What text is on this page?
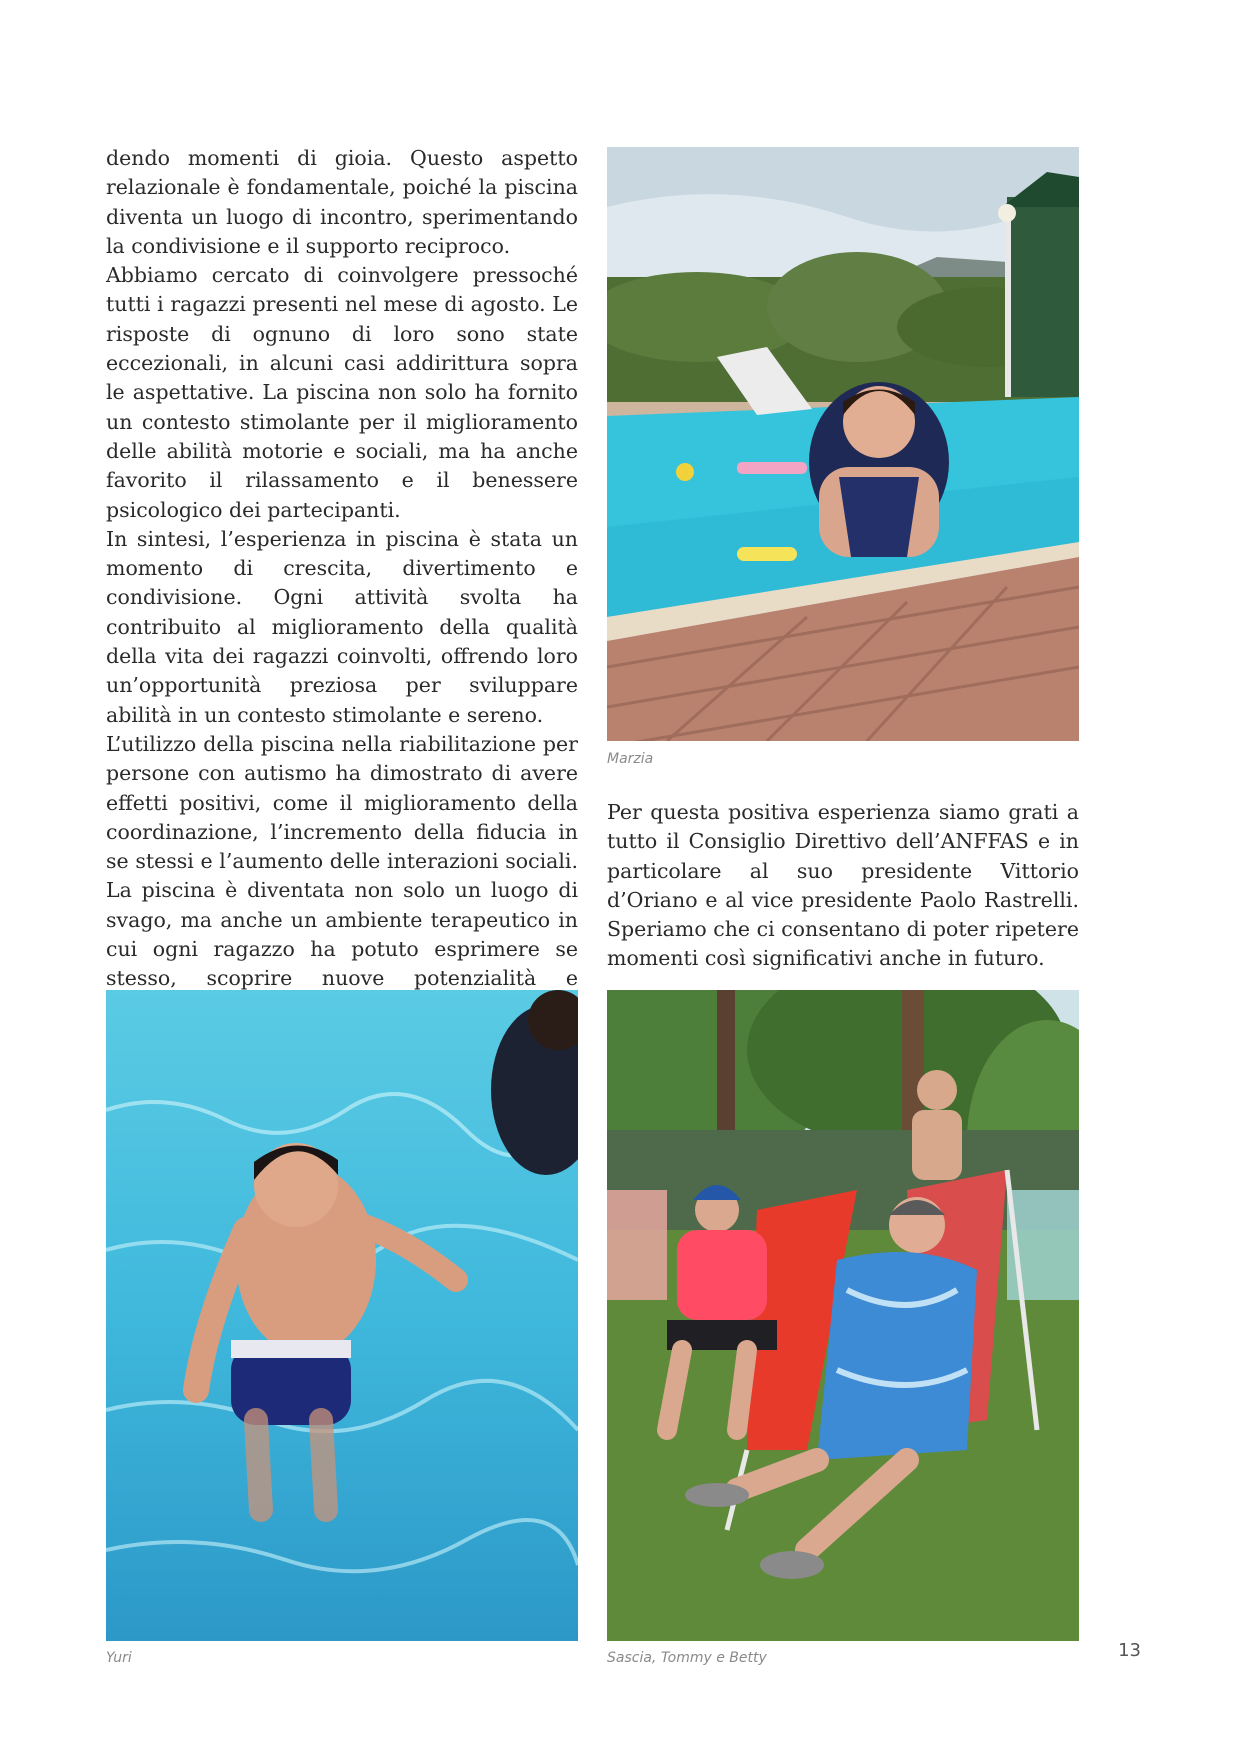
dendo momenti di gioia. Questo aspetto relazionale è fondamentale, poiché la piscina diventa un luogo di incontro, sperimentando la condivisione e il supporto reciproco.

Abbiamo cercato di coinvolgere pressoché tutti i ragazzi presenti nel mese di agosto. Le risposte di ognuno di loro sono state eccezionali, in alcuni casi addirittura sopra le aspettative. La piscina non solo ha fornito un contesto stimolante per il miglioramento delle abilità motorie e sociali, ma ha anche favorito il rilassamento e il benessere psicologico dei partecipanti.

In sintesi, l’esperienza in piscina è stata un momento di crescita, divertimento e condivisione. Ogni attività svolta ha contribuito al miglioramento della qualità della vita dei ragazzi coinvolti, offrendo loro un’opportunità preziosa per sviluppare abilità in un contesto stimolante e sereno.

L’utilizzo della piscina nella riabilitazione per persone con autismo ha dimostrato di avere effetti positivi, come il miglioramento della coordinazione, l’incremento della fiducia in se stessi e l’aumento delle interazioni sociali. La piscina è diventata non solo un luogo di svago, ma anche un ambiente terapeutico in cui ogni ragazzo ha potuto esprimere se stesso, scoprire nuove potenzialità e

Marzia

Per questa positiva esperienza siamo grati a tutto il Consiglio Direttivo dell’ANFFAS e in particolare al suo presidente Vittorio d’Oriano e al vice presidente Paolo Rastrelli. Speriamo che ci consentano di poter ripetere momenti così significativi anche in futuro.

Yuri	Sascia, Tommy e Betty	13
